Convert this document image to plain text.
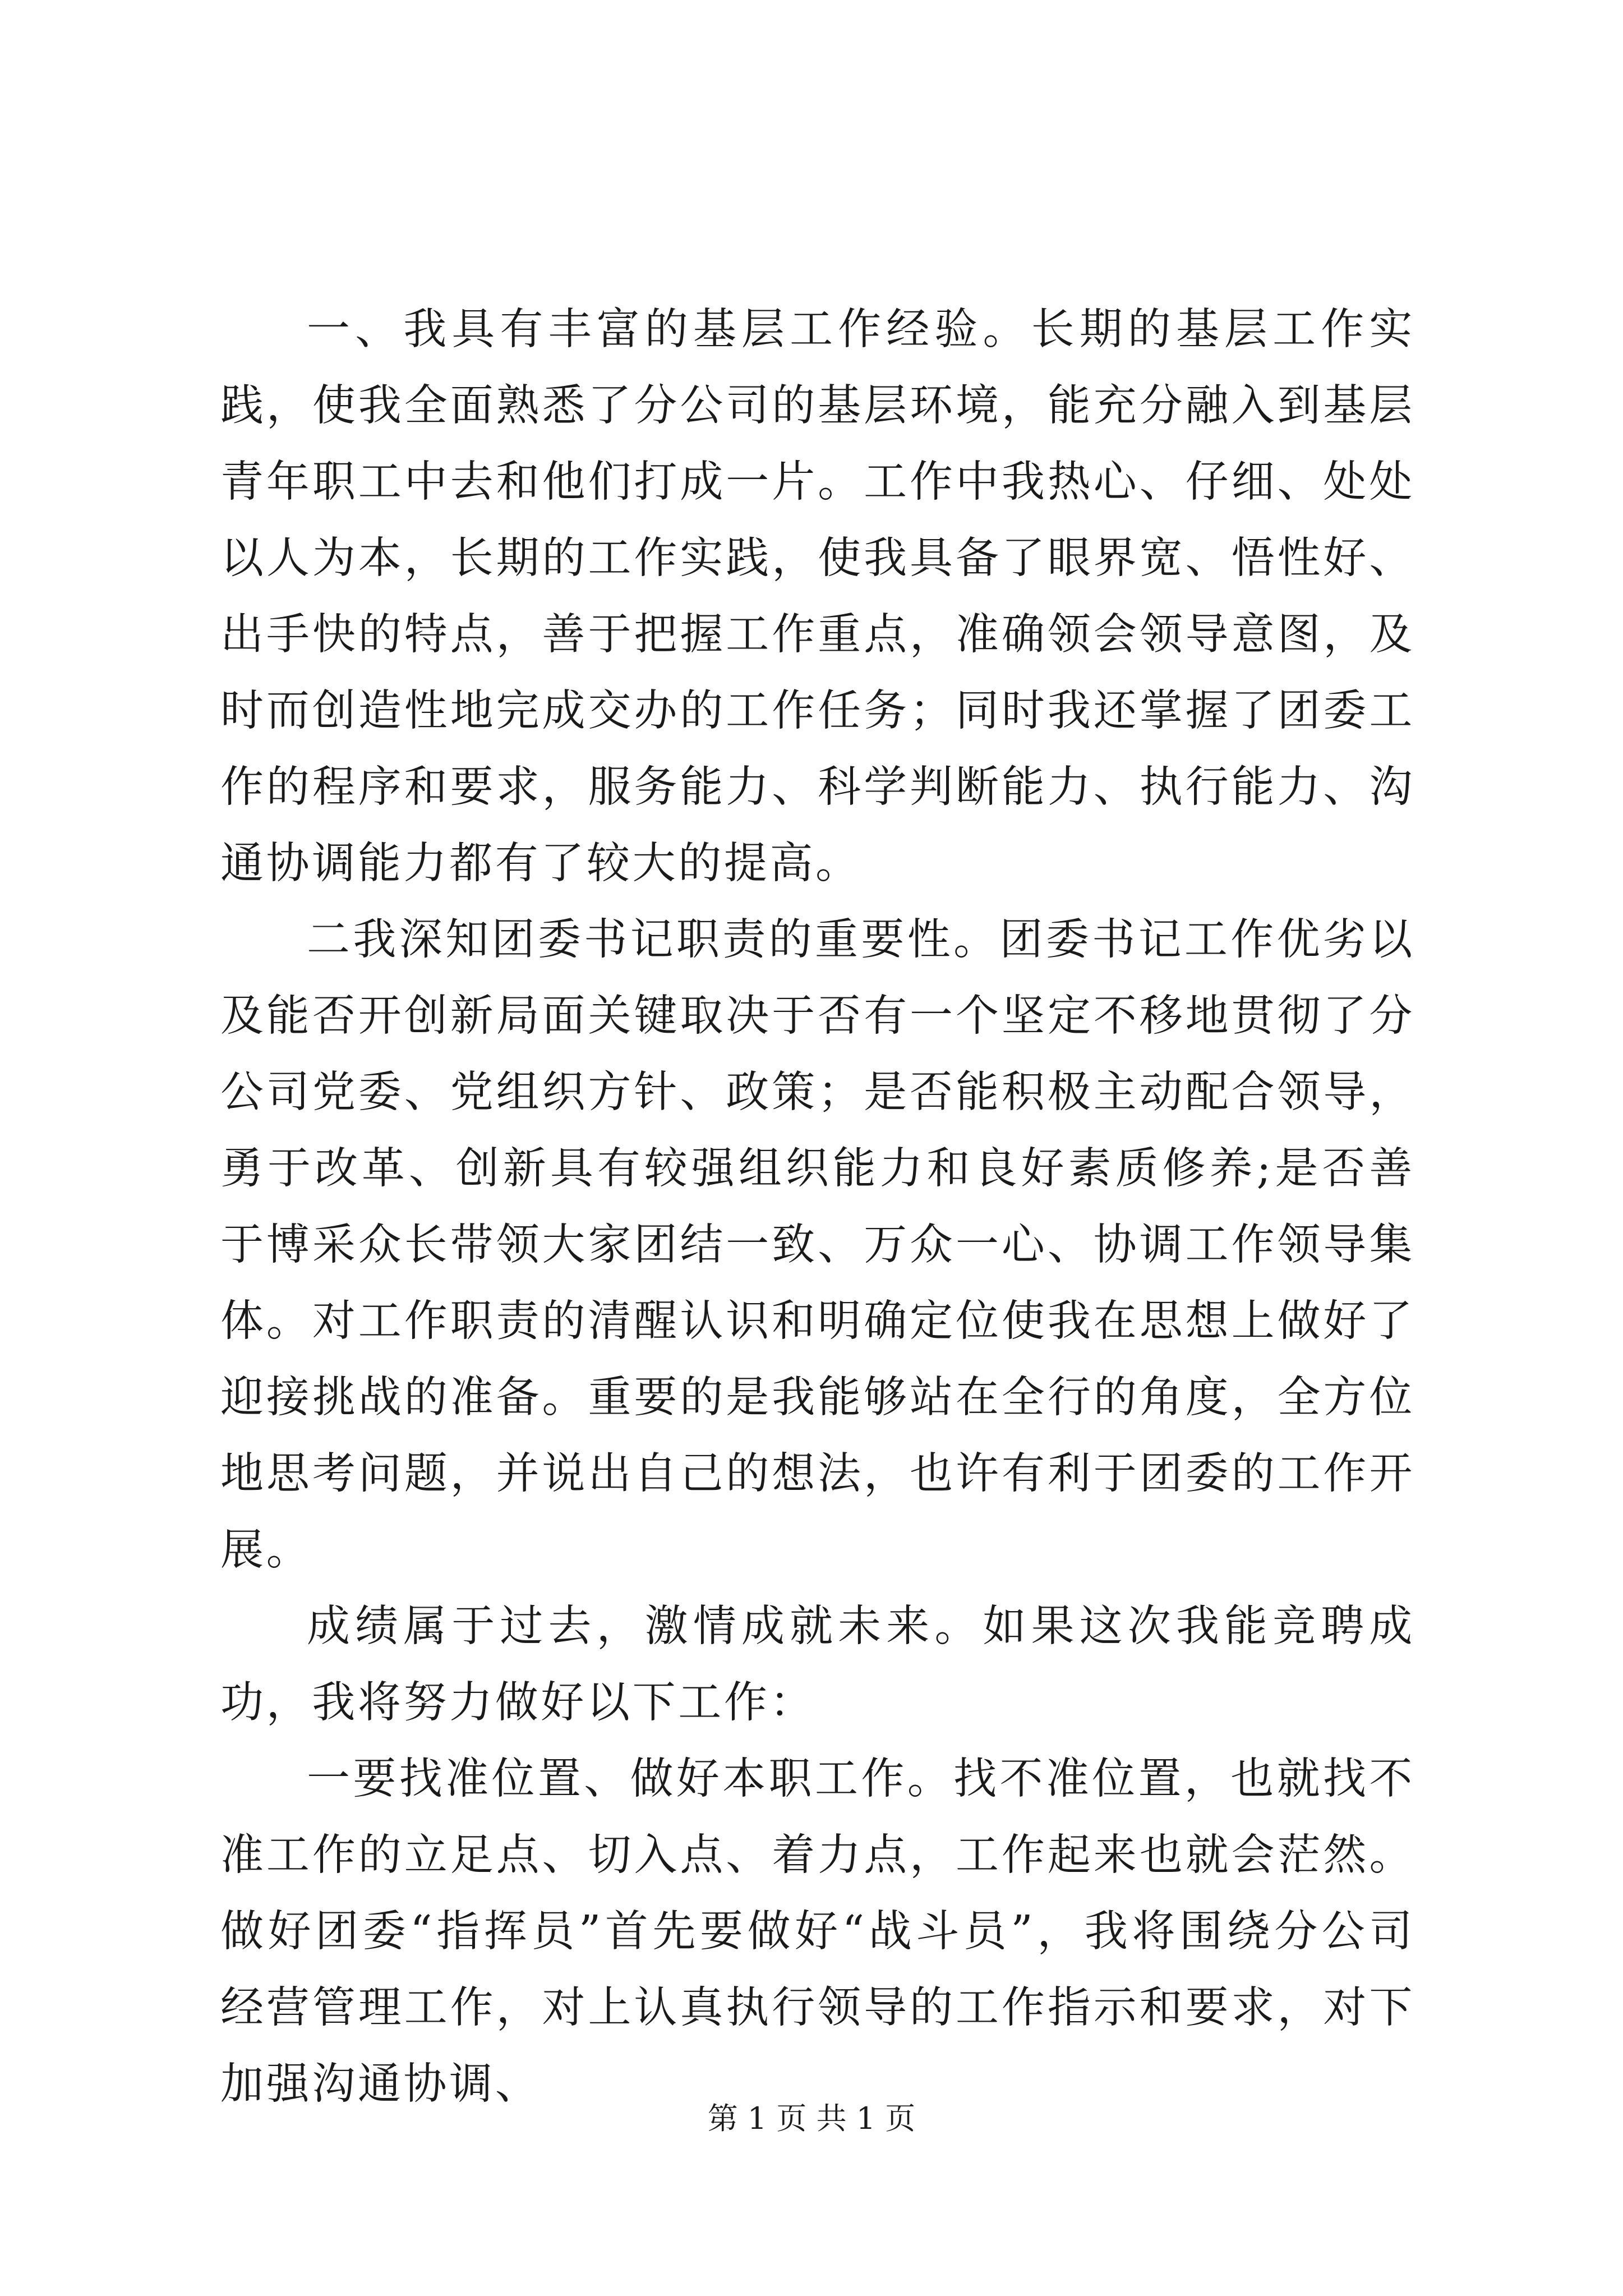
一、我具有丰富的基层工作经验。长期的基层工作实践，使我全面熟悉了分公司的基层环境，能充分融入到基层青年职工中去和他们打成一片。工作中我热心、仔细、处处以人为本，长期的工作实践，使我具备了眼界宽、悟性好、出手快的特点，善于把握工作重点，准确领会领导意图，及时而创造性地完成交办的工作任务；同时我还掌握了团委工作的程序和要求，服务能力、科学判断能力、执行能力、沟通协调能力都有了较大的提高。

二我深知团委书记职责的重要性。团委书记工作优劣以及能否开创新局面关键取决于否有一个坚定不移地贯彻了分公司党委、党组织方针、政策；是否能积极主动配合领导，勇于改革、创新具有较强组织能力和良好素质修养;是否善于博采众长带领大家团结一致、万众一心、协调工作领导集体。对工作职责的清醒认识和明确定位使我在思想上做好了迎接挑战的准备。重要的是我能够站在全行的角度，全方位地思考问题，并说出自己的想法，也许有利于团委的工作开展。

成绩属于过去，激情成就未来。如果这次我能竞聘成功，我将努力做好以下工作：

一要找准位置、做好本职工作。找不准位置，也就找不准工作的立足点、切入点、着力点，工作起来也就会茫然。做好团委“指挥员”首先要做好“战斗员”，我将围绕分公司经营管理工作，对上认真执行领导的工作指示和要求，对下加强沟通协调、

第 1 页 共 1 页
